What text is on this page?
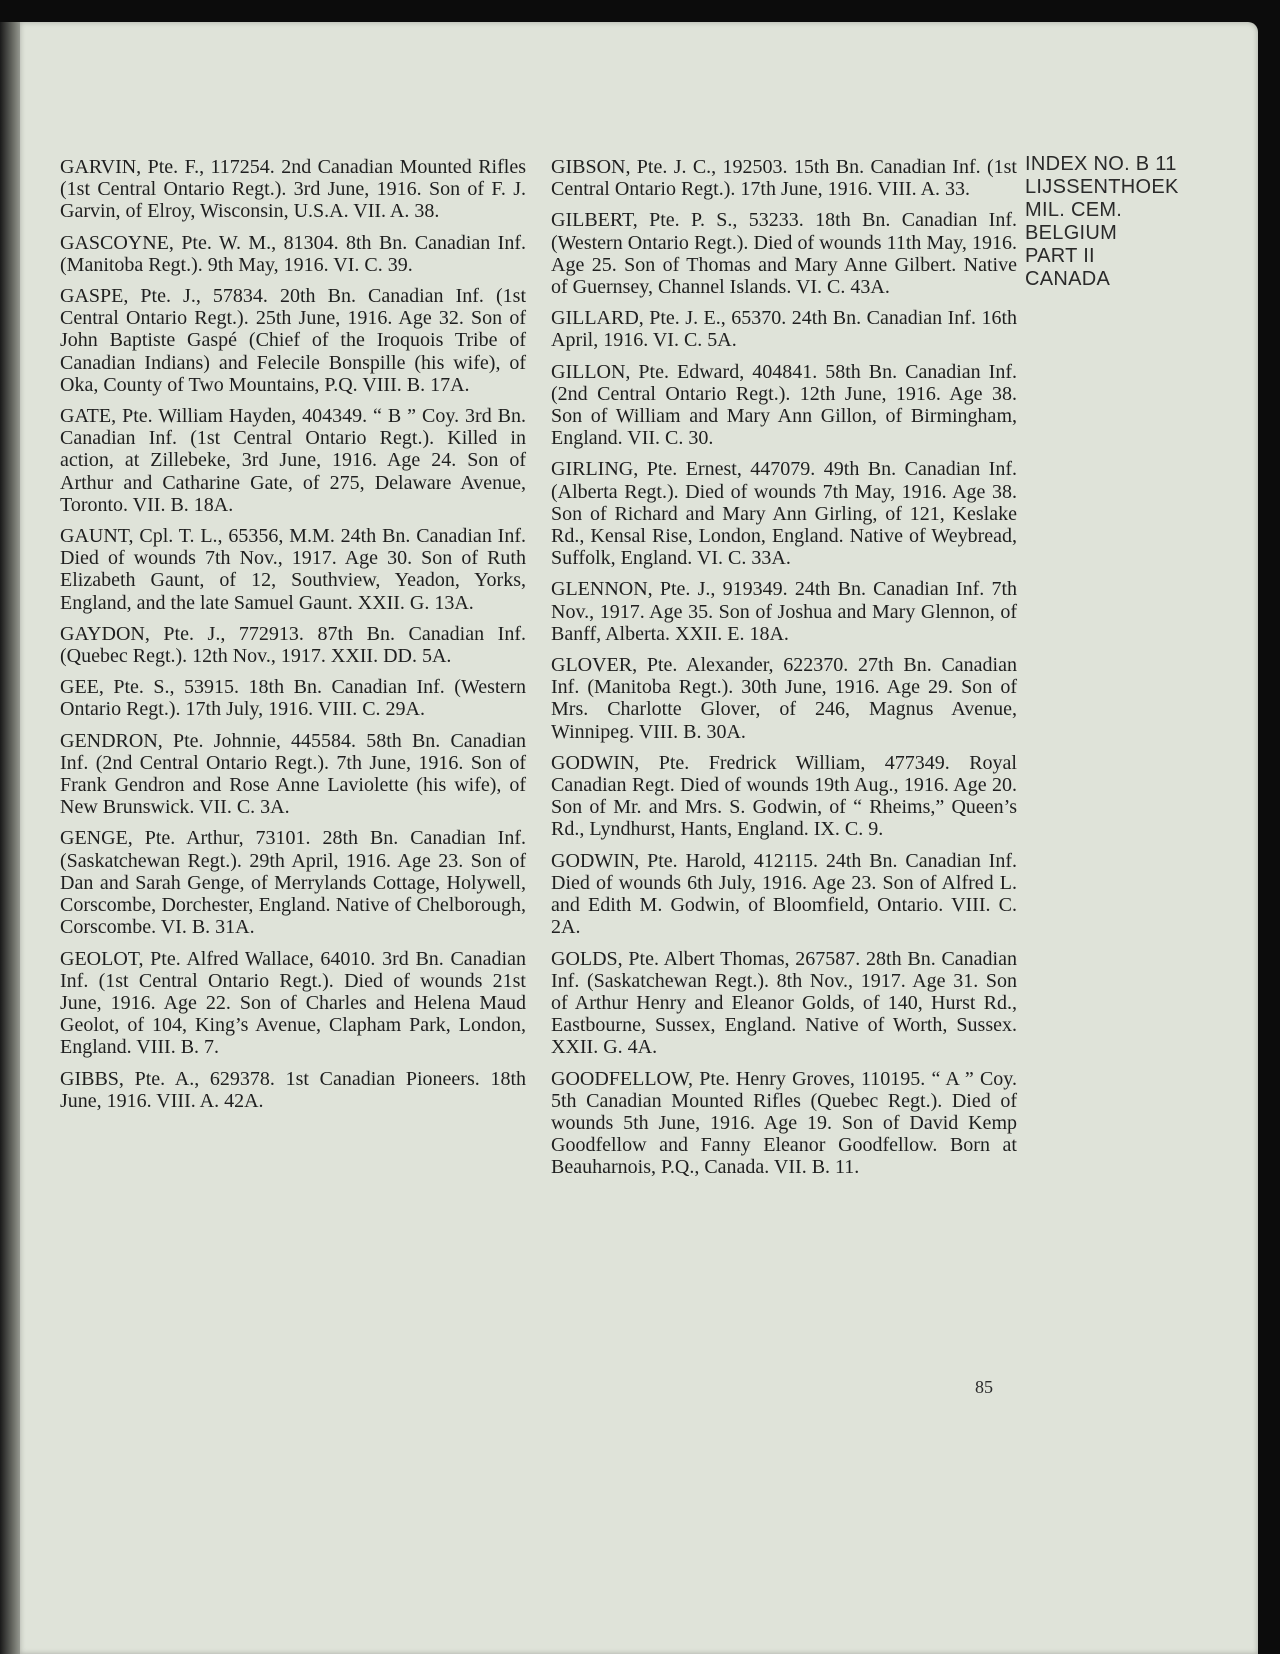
GARVIN, Pte. F., 117254. 2nd Canadian Mounted Rifles (1st Central Ontario Regt.). 3rd June, 1916. Son of F. J. Garvin, of Elroy, Wisconsin, U.S.A. VII. A. 38.

GASCOYNE, Pte. W. M., 81304. 8th Bn. Canadian Inf. (Manitoba Regt.). 9th May, 1916. VI. C. 39.

GASPE, Pte. J., 57834. 20th Bn. Canadian Inf. (1st Central Ontario Regt.). 25th June, 1916. Age 32. Son of John Baptiste Gaspé (Chief of the Iroquois Tribe of Canadian Indians) and Felecile Bonspille (his wife), of Oka, County of Two Mountains, P.Q. VIII. B. 17A.

GATE, Pte. William Hayden, 404349. “ B ” Coy. 3rd Bn. Canadian Inf. (1st Central Ontario Regt.). Killed in action, at Zillebeke, 3rd June, 1916. Age 24. Son of Arthur and Catharine Gate, of 275, Delaware Avenue, Toronto. VII. B. 18A.

GAUNT, Cpl. T. L., 65356, M.M. 24th Bn. Canadian Inf. Died of wounds 7th Nov., 1917. Age 30. Son of Ruth Elizabeth Gaunt, of 12, Southview, Yeadon, Yorks, England, and the late Samuel Gaunt. XXII. G. 13A.

GAYDON, Pte. J., 772913. 87th Bn. Canadian Inf. (Quebec Regt.). 12th Nov., 1917. XXII. DD. 5A.

GEE, Pte. S., 53915. 18th Bn. Canadian Inf. (Western Ontario Regt.). 17th July, 1916. VIII. C. 29A.

GENDRON, Pte. Johnnie, 445584. 58th Bn. Canadian Inf. (2nd Central Ontario Regt.). 7th June, 1916. Son of Frank Gendron and Rose Anne Laviolette (his wife), of New Brunswick. VII. C. 3A.

GENGE, Pte. Arthur, 73101. 28th Bn. Canadian Inf. (Saskatchewan Regt.). 29th April, 1916. Age 23. Son of Dan and Sarah Genge, of Merrylands Cottage, Holywell, Corscombe, Dorchester, England. Native of Chelborough, Corscombe. VI. B. 31A.

GEOLOT, Pte. Alfred Wallace, 64010. 3rd Bn. Canadian Inf. (1st Central Ontario Regt.). Died of wounds 21st June, 1916. Age 22. Son of Charles and Helena Maud Geolot, of 104, King’s Avenue, Clapham Park, London, England. VIII. B. 7.

GIBBS, Pte. A., 629378. 1st Canadian Pioneers. 18th June, 1916. VIII. A. 42A.

GIBSON, Pte. J. C., 192503. 15th Bn. Canadian Inf. (1st Central Ontario Regt.). 17th June, 1916. VIII. A. 33.

GILBERT, Pte. P. S., 53233. 18th Bn. Canadian Inf. (Western Ontario Regt.). Died of wounds 11th May, 1916. Age 25. Son of Thomas and Mary Anne Gilbert. Native of Guernsey, Channel Islands. VI. C. 43A.

GILLARD, Pte. J. E., 65370. 24th Bn. Canadian Inf. 16th April, 1916. VI. C. 5A.

GILLON, Pte. Edward, 404841. 58th Bn. Canadian Inf. (2nd Central Ontario Regt.). 12th June, 1916. Age 38. Son of William and Mary Ann Gillon, of Birmingham, England. VII. C. 30.

GIRLING, Pte. Ernest, 447079. 49th Bn. Canadian Inf. (Alberta Regt.). Died of wounds 7th May, 1916. Age 38. Son of Richard and Mary Ann Girling, of 121, Keslake Rd., Kensal Rise, London, England. Native of Weybread, Suffolk, England. VI. C. 33A.

GLENNON, Pte. J., 919349. 24th Bn. Canadian Inf. 7th Nov., 1917. Age 35. Son of Joshua and Mary Glennon, of Banff, Alberta. XXII. E. 18A.

GLOVER, Pte. Alexander, 622370. 27th Bn. Canadian Inf. (Manitoba Regt.). 30th June, 1916. Age 29. Son of Mrs. Charlotte Glover, of 246, Magnus Avenue, Winnipeg. VIII. B. 30A.

GODWIN, Pte. Fredrick William, 477349. Royal Canadian Regt. Died of wounds 19th Aug., 1916. Age 20. Son of Mr. and Mrs. S. Godwin, of “ Rheims,” Queen’s Rd., Lyndhurst, Hants, England. IX. C. 9.

GODWIN, Pte. Harold, 412115. 24th Bn. Canadian Inf. Died of wounds 6th July, 1916. Age 23. Son of Alfred L. and Edith M. Godwin, of Bloomfield, Ontario. VIII. C. 2A.

GOLDS, Pte. Albert Thomas, 267587. 28th Bn. Canadian Inf. (Saskatchewan Regt.). 8th Nov., 1917. Age 31. Son of Arthur Henry and Eleanor Golds, of 140, Hurst Rd., Eastbourne, Sussex, England. Native of Worth, Sussex. XXII. G. 4A.

GOODFELLOW, Pte. Henry Groves, 110195. “ A ” Coy. 5th Canadian Mounted Rifles (Quebec Regt.). Died of wounds 5th June, 1916. Age 19. Son of David Kemp Goodfellow and Fanny Eleanor Goodfellow. Born at Beauharnois, P.Q., Canada. VII. B. 11.

INDEX NO. B 11
LIJSSENTHOEK
MIL. CEM.
BELGIUM
PART II
CANADA
85
